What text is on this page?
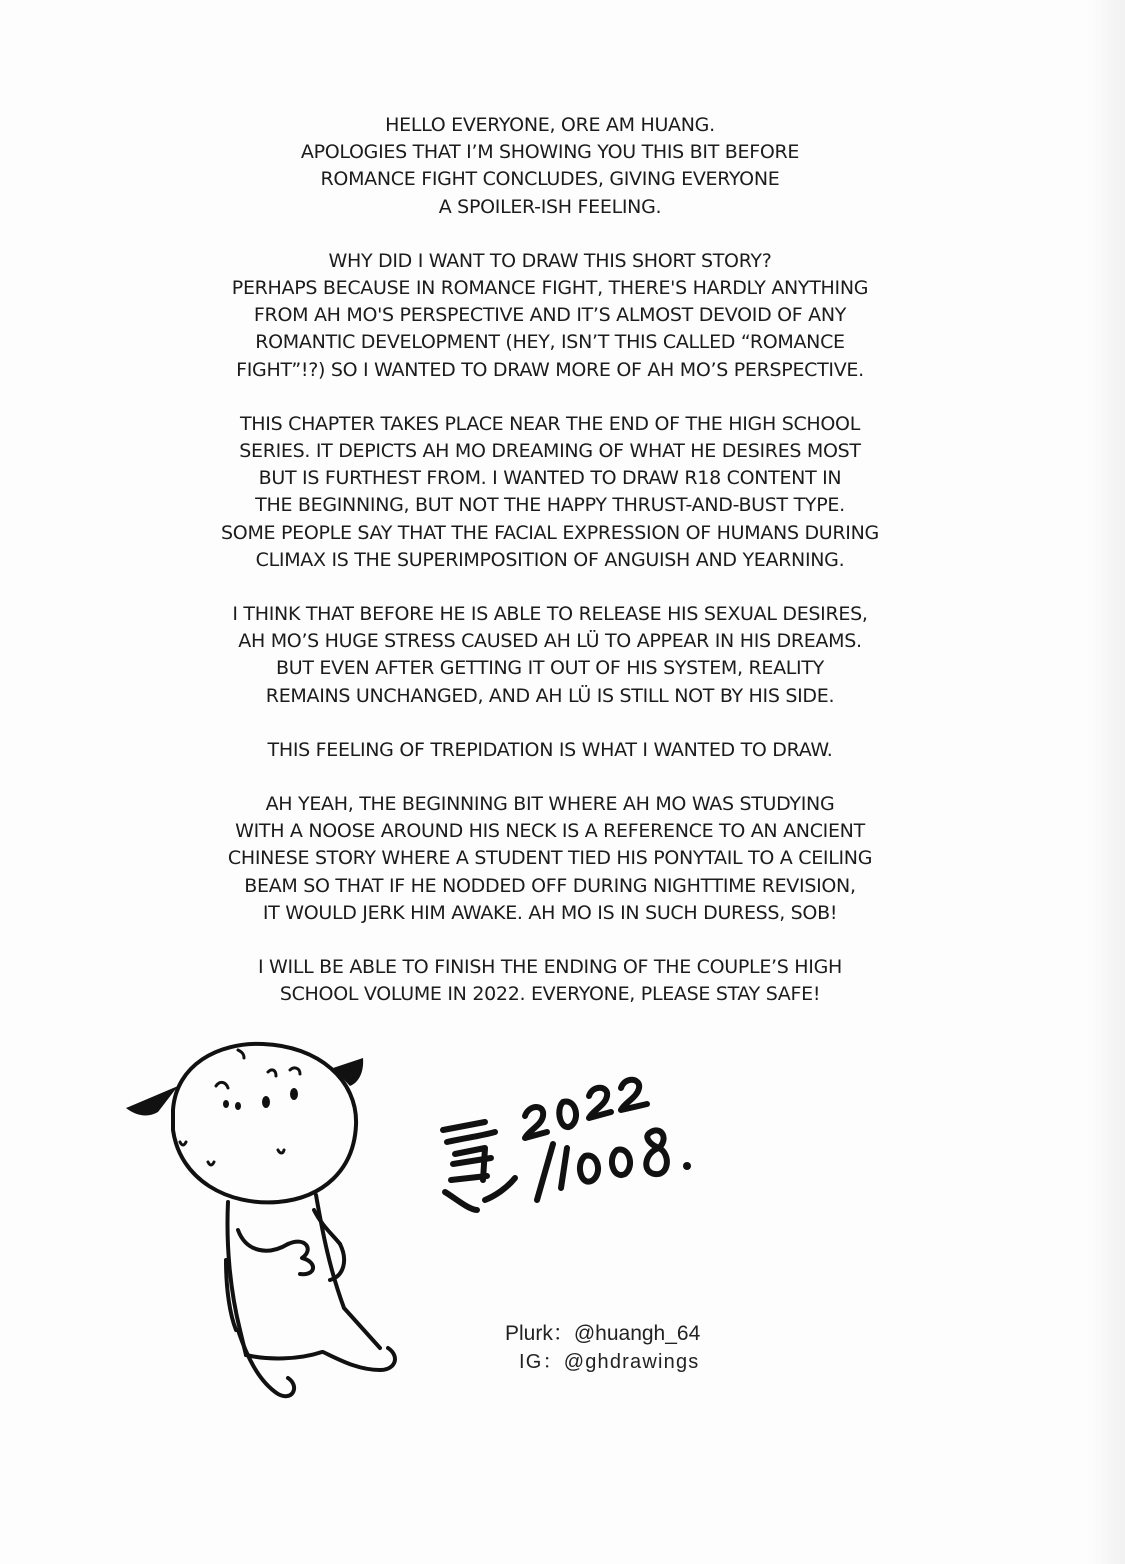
HELLO EVERYONE, ORE AM HUANG.
APOLOGIES THAT I’M SHOWING YOU THIS BIT BEFORE
ROMANCE FIGHT CONCLUDES, GIVING EVERYONE
A SPOILER-ISH FEELING.

WHY DID I WANT TO DRAW THIS SHORT STORY?
PERHAPS BECAUSE IN ROMANCE FIGHT, THERE'S HARDLY ANYTHING
FROM AH MO'S PERSPECTIVE AND IT’S ALMOST DEVOID OF ANY
ROMANTIC DEVELOPMENT (HEY, ISN’T THIS CALLED “ROMANCE
FIGHT”!?) SO I WANTED TO DRAW MORE OF AH MO’S PERSPECTIVE.

THIS CHAPTER TAKES PLACE NEAR THE END OF THE HIGH SCHOOL
SERIES. IT DEPICTS AH MO DREAMING OF WHAT HE DESIRES MOST
BUT IS FURTHEST FROM. I WANTED TO DRAW R18 CONTENT IN
THE BEGINNING, BUT NOT THE HAPPY THRUST-AND-BUST TYPE.
SOME PEOPLE SAY THAT THE FACIAL EXPRESSION OF HUMANS DURING
CLIMAX IS THE SUPERIMPOSITION OF ANGUISH AND YEARNING.

I THINK THAT BEFORE HE IS ABLE TO RELEASE HIS SEXUAL DESIRES,
AH MO’S HUGE STRESS CAUSED AH LÜ TO APPEAR IN HIS DREAMS.
BUT EVEN AFTER GETTING IT OUT OF HIS SYSTEM, REALITY
REMAINS UNCHANGED, AND AH LÜ IS STILL NOT BY HIS SIDE.

THIS FEELING OF TREPIDATION IS WHAT I WANTED TO DRAW.

AH YEAH, THE BEGINNING BIT WHERE AH MO WAS STUDYING
WITH A NOOSE AROUND HIS NECK IS A REFERENCE TO AN ANCIENT
CHINESE STORY WHERE A STUDENT TIED HIS PONYTAIL TO A CEILING
BEAM SO THAT IF HE NODDED OFF DURING NIGHTTIME REVISION,
IT WOULD JERK HIM AWAKE. AH MO IS IN SUCH DURESS, SOB!

I WILL BE ABLE TO FINISH THE ENDING OF THE COUPLE’S HIGH
SCHOOL VOLUME IN 2022. EVERYONE, PLEASE STAY SAFE!

Plurk：@huangh_64
IG：@ghdrawings
